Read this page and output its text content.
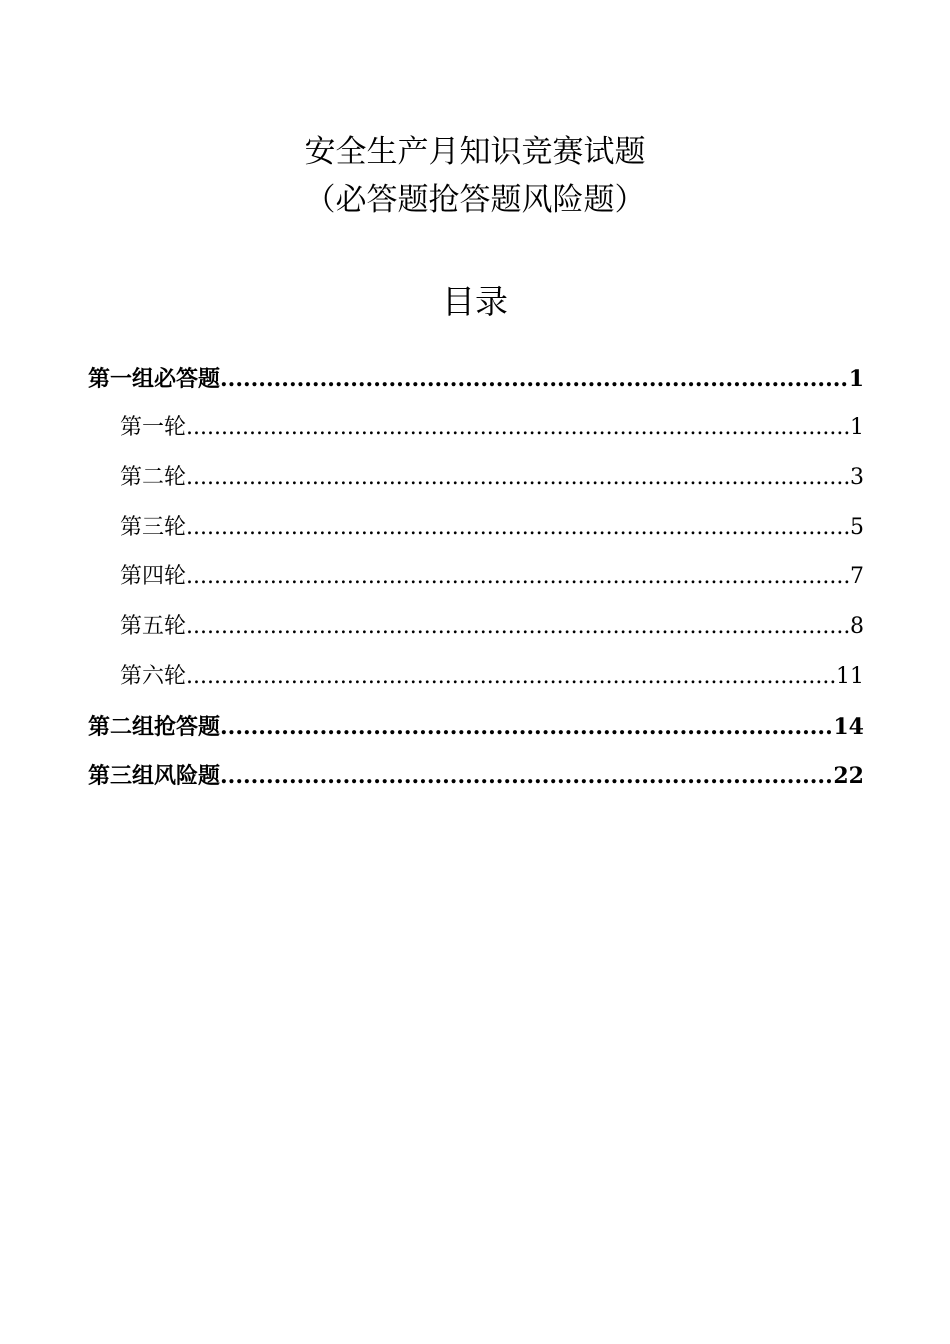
安全生产月知识竞赛试题
（必答题抢答题风险题）
目录
第一组必答题 .....	1
第一轮 .....	1
第二轮 .....	3
第三轮 .....	5
第四轮 .....	7
第五轮 .....	8
第六轮 .....	11
第二组抢答题 .....	14
第三组风险题 .....	22
